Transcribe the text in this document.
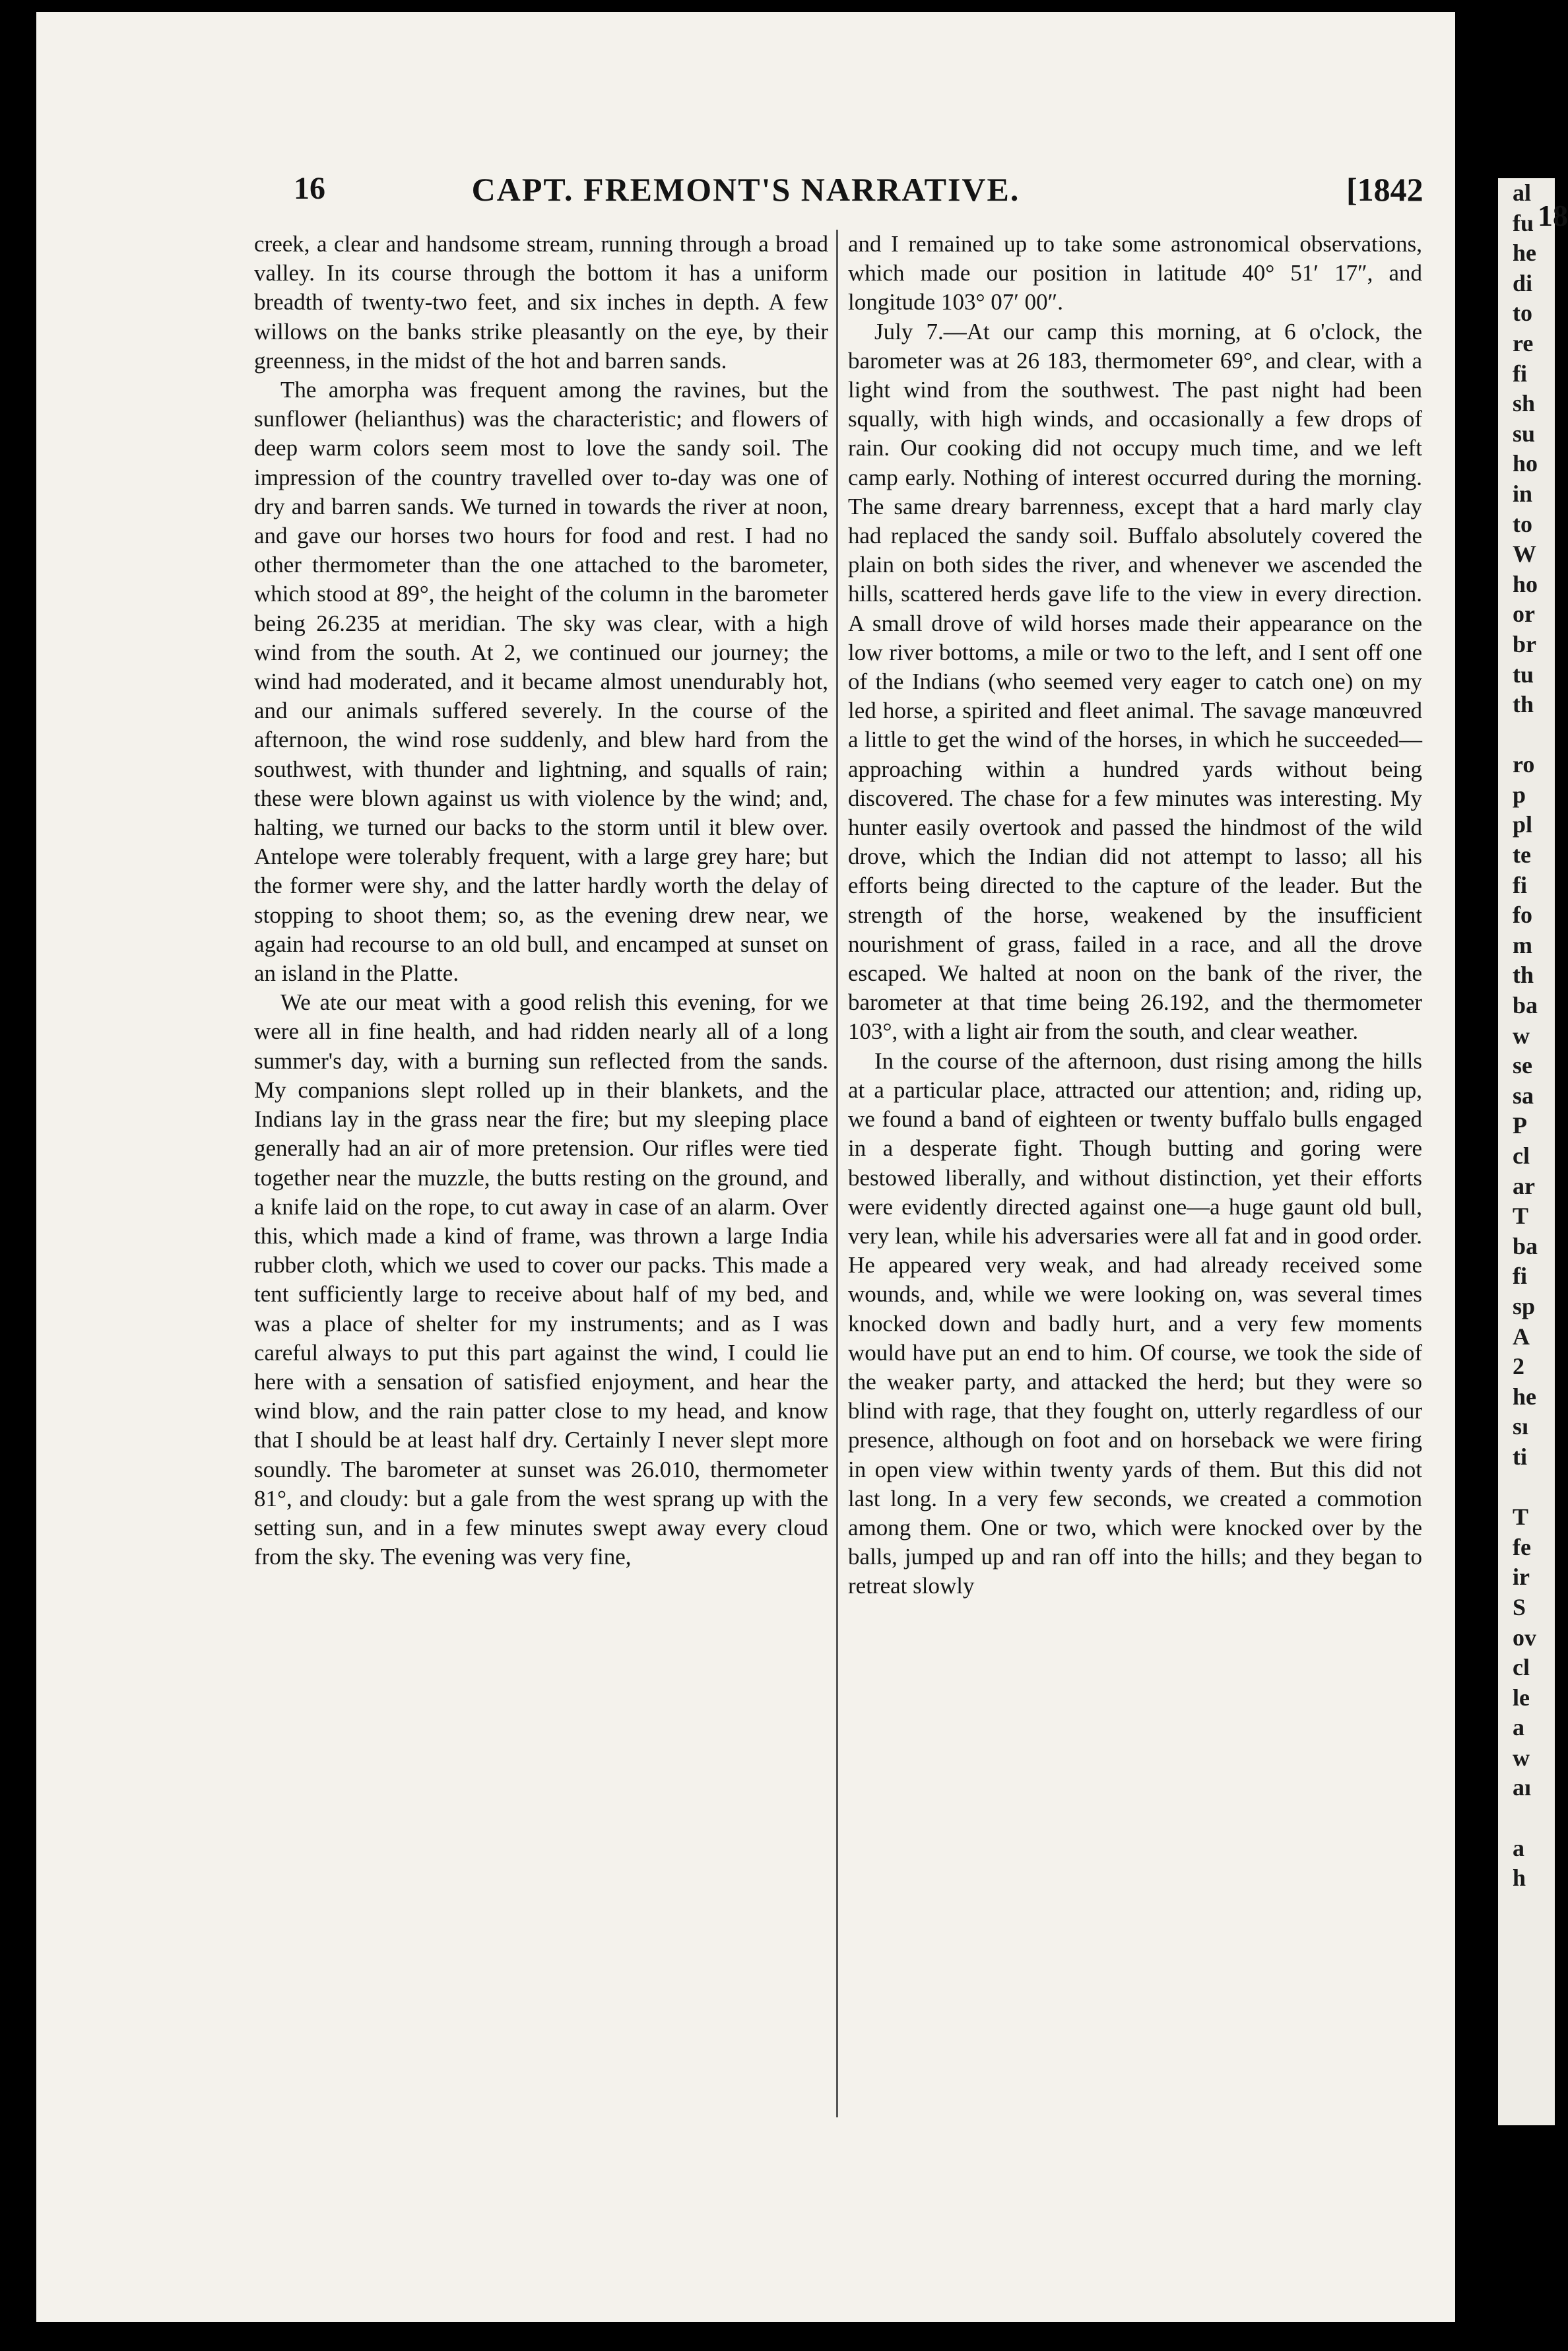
16	CAPT. FREMONT'S NARRATIVE.	[1842

creek, a clear and handsome stream, running through a broad valley. In its course through the bottom it has a uniform breadth of twenty-two feet, and six inches in depth. A few willows on the banks strike pleasantly on the eye, by their greenness, in the midst of the hot and barren sands.

The amorpha was frequent among the ravines, but the sunflower (helianthus) was the characteristic; and flowers of deep warm colors seem most to love the sandy soil. The impression of the country travelled over to-day was one of dry and barren sands. We turned in towards the river at noon, and gave our horses two hours for food and rest. I had no other thermometer than the one attached to the barometer, which stood at 89°, the height of the column in the barometer being 26.235 at meridian. The sky was clear, with a high wind from the south. At 2, we continued our journey; the wind had moderated, and it became almost unendurably hot, and our animals suffered severely. In the course of the afternoon, the wind rose suddenly, and blew hard from the southwest, with thunder and lightning, and squalls of rain; these were blown against us with violence by the wind; and, halting, we turned our backs to the storm until it blew over. Antelope were tolerably frequent, with a large grey hare; but the former were shy, and the latter hardly worth the delay of stopping to shoot them; so, as the evening drew near, we again had recourse to an old bull, and encamped at sunset on an island in the Platte.

We ate our meat with a good relish this evening, for we were all in fine health, and had ridden nearly all of a long summer's day, with a burning sun reflected from the sands. My companions slept rolled up in their blankets, and the Indians lay in the grass near the fire; but my sleeping place generally had an air of more pretension. Our rifles were tied together near the muzzle, the butts resting on the ground, and a knife laid on the rope, to cut away in case of an alarm. Over this, which made a kind of frame, was thrown a large India rubber cloth, which we used to cover our packs. This made a tent sufficiently large to receive about half of my bed, and was a place of shelter for my instruments; and as I was careful always to put this part against the wind, I could lie here with a sensation of satisfied enjoyment, and hear the wind blow, and the rain patter close to my head, and know that I should be at least half dry. Certainly I never slept more soundly. The barometer at sunset was 26.010, thermometer 81°, and cloudy: but a gale from the west sprang up with the setting sun, and in a few minutes swept away every cloud from the sky. The evening was very fine,

and I remained up to take some astronomical observations, which made our position in latitude 40° 51′ 17″, and longitude 103° 07′ 00″.

July 7.—At our camp this morning, at 6 o'clock, the barometer was at 26 183, thermometer 69°, and clear, with a light wind from the southwest. The past night had been squally, with high winds, and occasionally a few drops of rain. Our cooking did not occupy much time, and we left camp early. Nothing of interest occurred during the morning. The same dreary barrenness, except that a hard marly clay had replaced the sandy soil. Buffalo absolutely covered the plain on both sides the river, and whenever we ascended the hills, scattered herds gave life to the view in every direction. A small drove of wild horses made their appearance on the low river bottoms, a mile or two to the left, and I sent off one of the Indians (who seemed very eager to catch one) on my led horse, a spirited and fleet animal. The savage manœuvred a little to get the wind of the horses, in which he succeeded—approaching within a hundred yards without being discovered. The chase for a few minutes was interesting. My hunter easily overtook and passed the hindmost of the wild drove, which the Indian did not attempt to lasso; all his efforts being directed to the capture of the leader. But the strength of the horse, weakened by the insufficient nourishment of grass, failed in a race, and all the drove escaped. We halted at noon on the bank of the river, the barometer at that time being 26.192, and the thermometer 103°, with a light air from the south, and clear weather.

In the course of the afternoon, dust rising among the hills at a particular place, attracted our attention; and, riding up, we found a band of eighteen or twenty buffalo bulls engaged in a desperate fight. Though butting and goring were bestowed liberally, and without distinction, yet their efforts were evidently directed against one—a huge gaunt old bull, very lean, while his adversaries were all fat and in good order. He appeared very weak, and had already received some wounds, and, while we were looking on, was several times knocked down and badly hurt, and a very few moments would have put an end to him. Of course, we took the side of the weaker party, and attacked the herd; but they were so blind with rage, that they fought on, utterly regardless of our presence, although on foot and on horseback we were firing in open view within twenty yards of them. But this did not last long. In a very few seconds, we created a commotion among them. One or two, which were knocked over by the balls, jumped up and ran off into the hills; and they began to retreat slowly

al
fu
he
di
to
re
fi
sh
su
ho
in
to
W
ho
or
br
tu
th

ro
p
pl
te
fi
fo
m
th
ba
w
se
sa
P
cl
ar
T
ba
fi
sp
A
2
he
sı
ti

T
fe
ir
S
ov
cl
le
a
w
aı

a
h
18
